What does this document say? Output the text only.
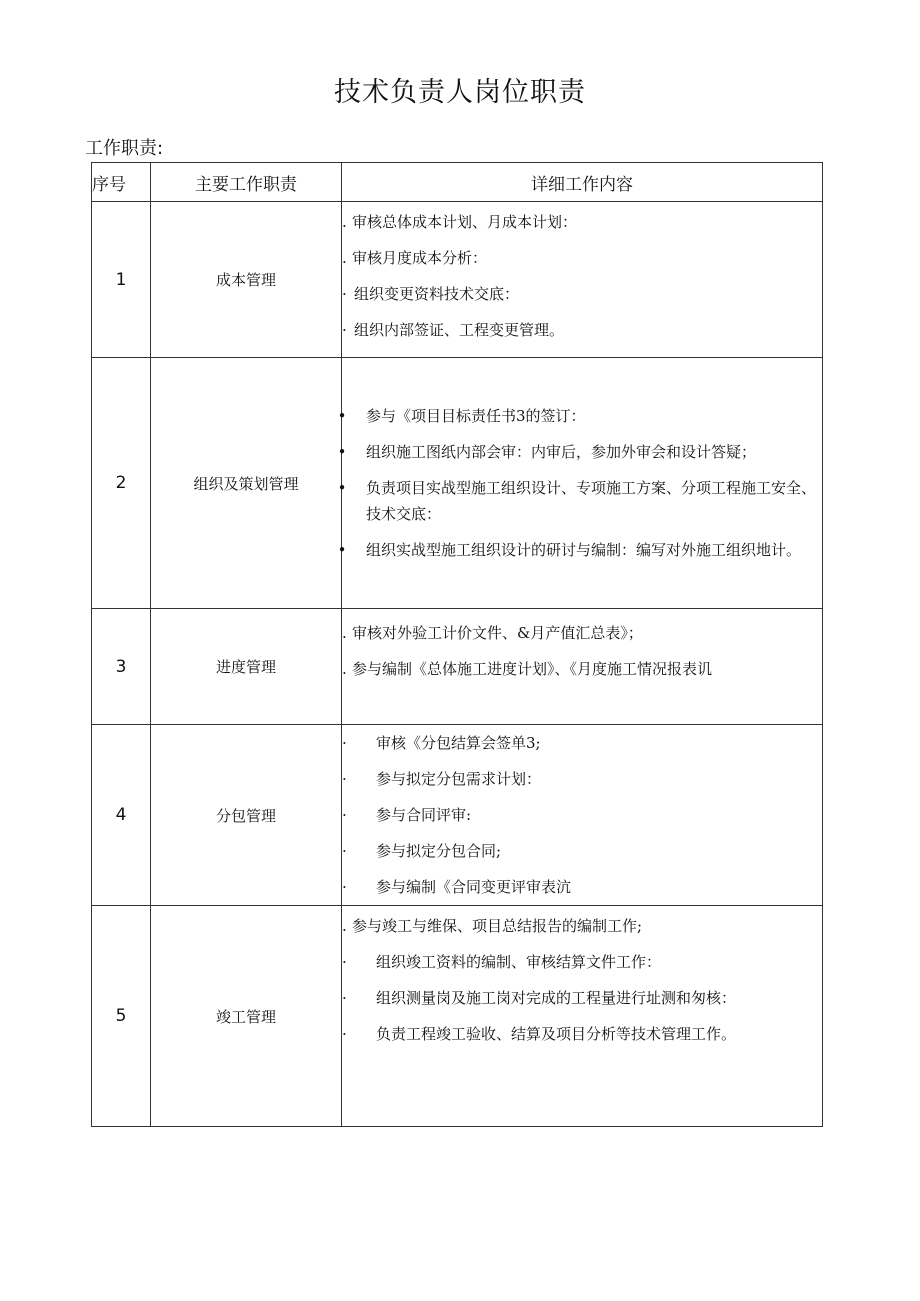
技术负责人岗位职责
工作职责:
序号	主要工作职责	详细工作内容
1	成本管理	. 审核总体成本计划、月成本计划：
. 审核月度成本分析：
· 组织变更资料技术交底：
· 组织内部签证、工程变更管理。

2	组织及策划管理	• 参与《项目目标责任书3的签订：
• 组织施工图纸内部会审：内审后，参加外审会和设计答疑；
• 负责项目实战型施工组织设计、专项施工方案、分项工程施工安全、技术交底：
• 组织实战型施工组织设计的研讨与编制：编写对外施工组织地计。

3	进度管理	. 审核对外验工计价文件、&月产值汇总表》；
. 参与编制《总体施工进度计划》、《月度施工情况报表讥

4	分包管理	· 审核《分包结算会签单3;
· 参与拟定分包需求计划：
· 参与合同评审:
· 参与拟定分包合同;
· 参与编制《合同变更评审表沆

5	竣工管理	. 参与竣工与维保、项目总结报告的编制工作;
· 组织竣工资料的编制、审核结算文件工作：
· 组织测量岗及施工岗对完成的工程量进行址测和匆核：
· 负责工程竣工验收、结算及项目分析等技术管理工作。
